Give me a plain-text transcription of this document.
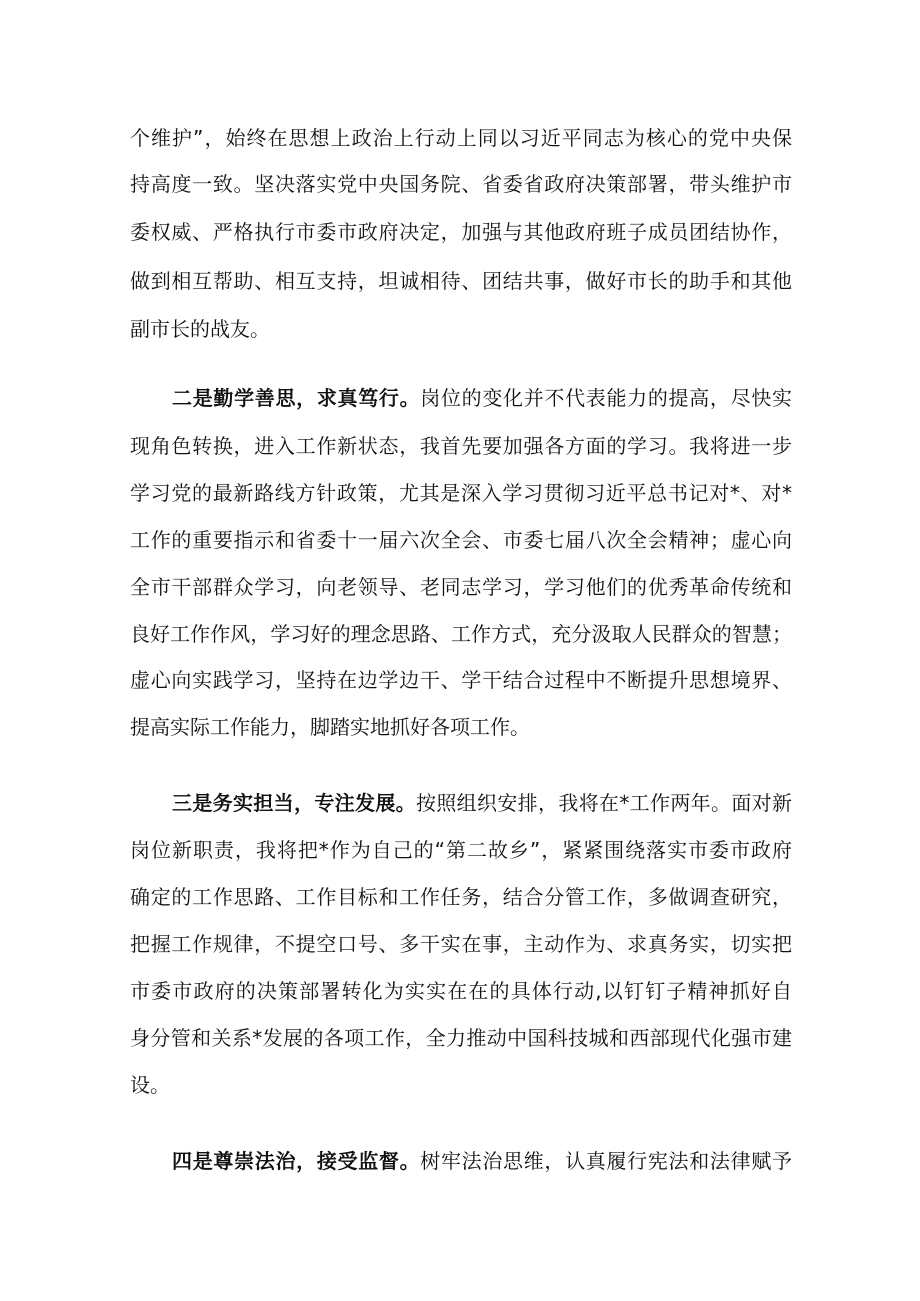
个维护”，始终在思想上政治上行动上同以习近平同志为核心的党中央保
持高度一致。坚决落实党中央国务院、省委省政府决策部署，带头维护市
委权威、严格执行市委市政府决定，加强与其他政府班子成员团结协作，
做到相互帮助、相互支持，坦诚相待、团结共事，做好市长的助手和其他
副市长的战友。
二是勤学善思，求真笃行。岗位的变化并不代表能力的提高，尽快实
现角色转换，进入工作新状态，我首先要加强各方面的学习。我将进一步
学习党的最新路线方针政策，尤其是深入学习贯彻习近平总书记对*、对*
工作的重要指示和省委十一届六次全会、市委七届八次全会精神；虚心向
全市干部群众学习，向老领导、老同志学习，学习他们的优秀革命传统和
良好工作作风，学习好的理念思路、工作方式，充分汲取人民群众的智慧；
虚心向实践学习，坚持在边学边干、学干结合过程中不断提升思想境界、
提高实际工作能力，脚踏实地抓好各项工作。
三是务实担当，专注发展。按照组织安排，我将在*工作两年。面对新
岗位新职责，我将把*作为自己的“第二故乡”，紧紧围绕落实市委市政府
确定的工作思路、工作目标和工作任务，结合分管工作，多做调查研究，
把握工作规律，不提空口号、多干实在事，主动作为、求真务实，切实把
市委市政府的决策部署转化为实实在在的具体行动,以钉钉子精神抓好自
身分管和关系*发展的各项工作，全力推动中国科技城和西部现代化强市建
设。
四是尊崇法治，接受监督。树牢法治思维，认真履行宪法和法律赋予
